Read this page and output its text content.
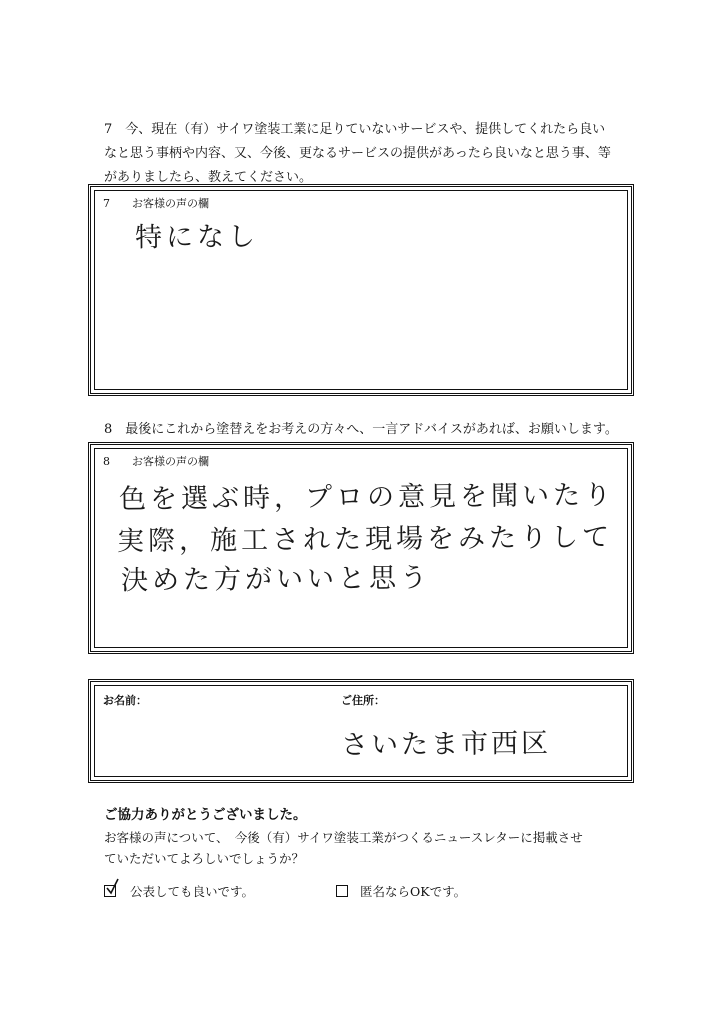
7　 今、現在（有）サイワ塗装工業に足りていないサービスや、提供してくれたら良い
なと思う事柄や内容、又、今後、更なるサービスの提供があったら良いなと思う事、等
がありましたら、教えてください。
7　　 お客様の声の欄
特になし
8　 最後にこれから塗替えをお考えの方々へ、一言アドバイスがあれば、お願いします。
8　　 お客様の声の欄
色を選ぶ時，プロの意見を聞いたり
実際，施工された現場をみたりして
決めた方がいいと思う
お名前：	ご住所：
さいたま市西区
ご協力ありがとうございました。
お客様の声について、　今後（有）サイワ塗装工業がつくるニュースレターに掲載させ
ていただいてよろしいでしょうか？
公表しても良いです。	匿名ならOKです。
